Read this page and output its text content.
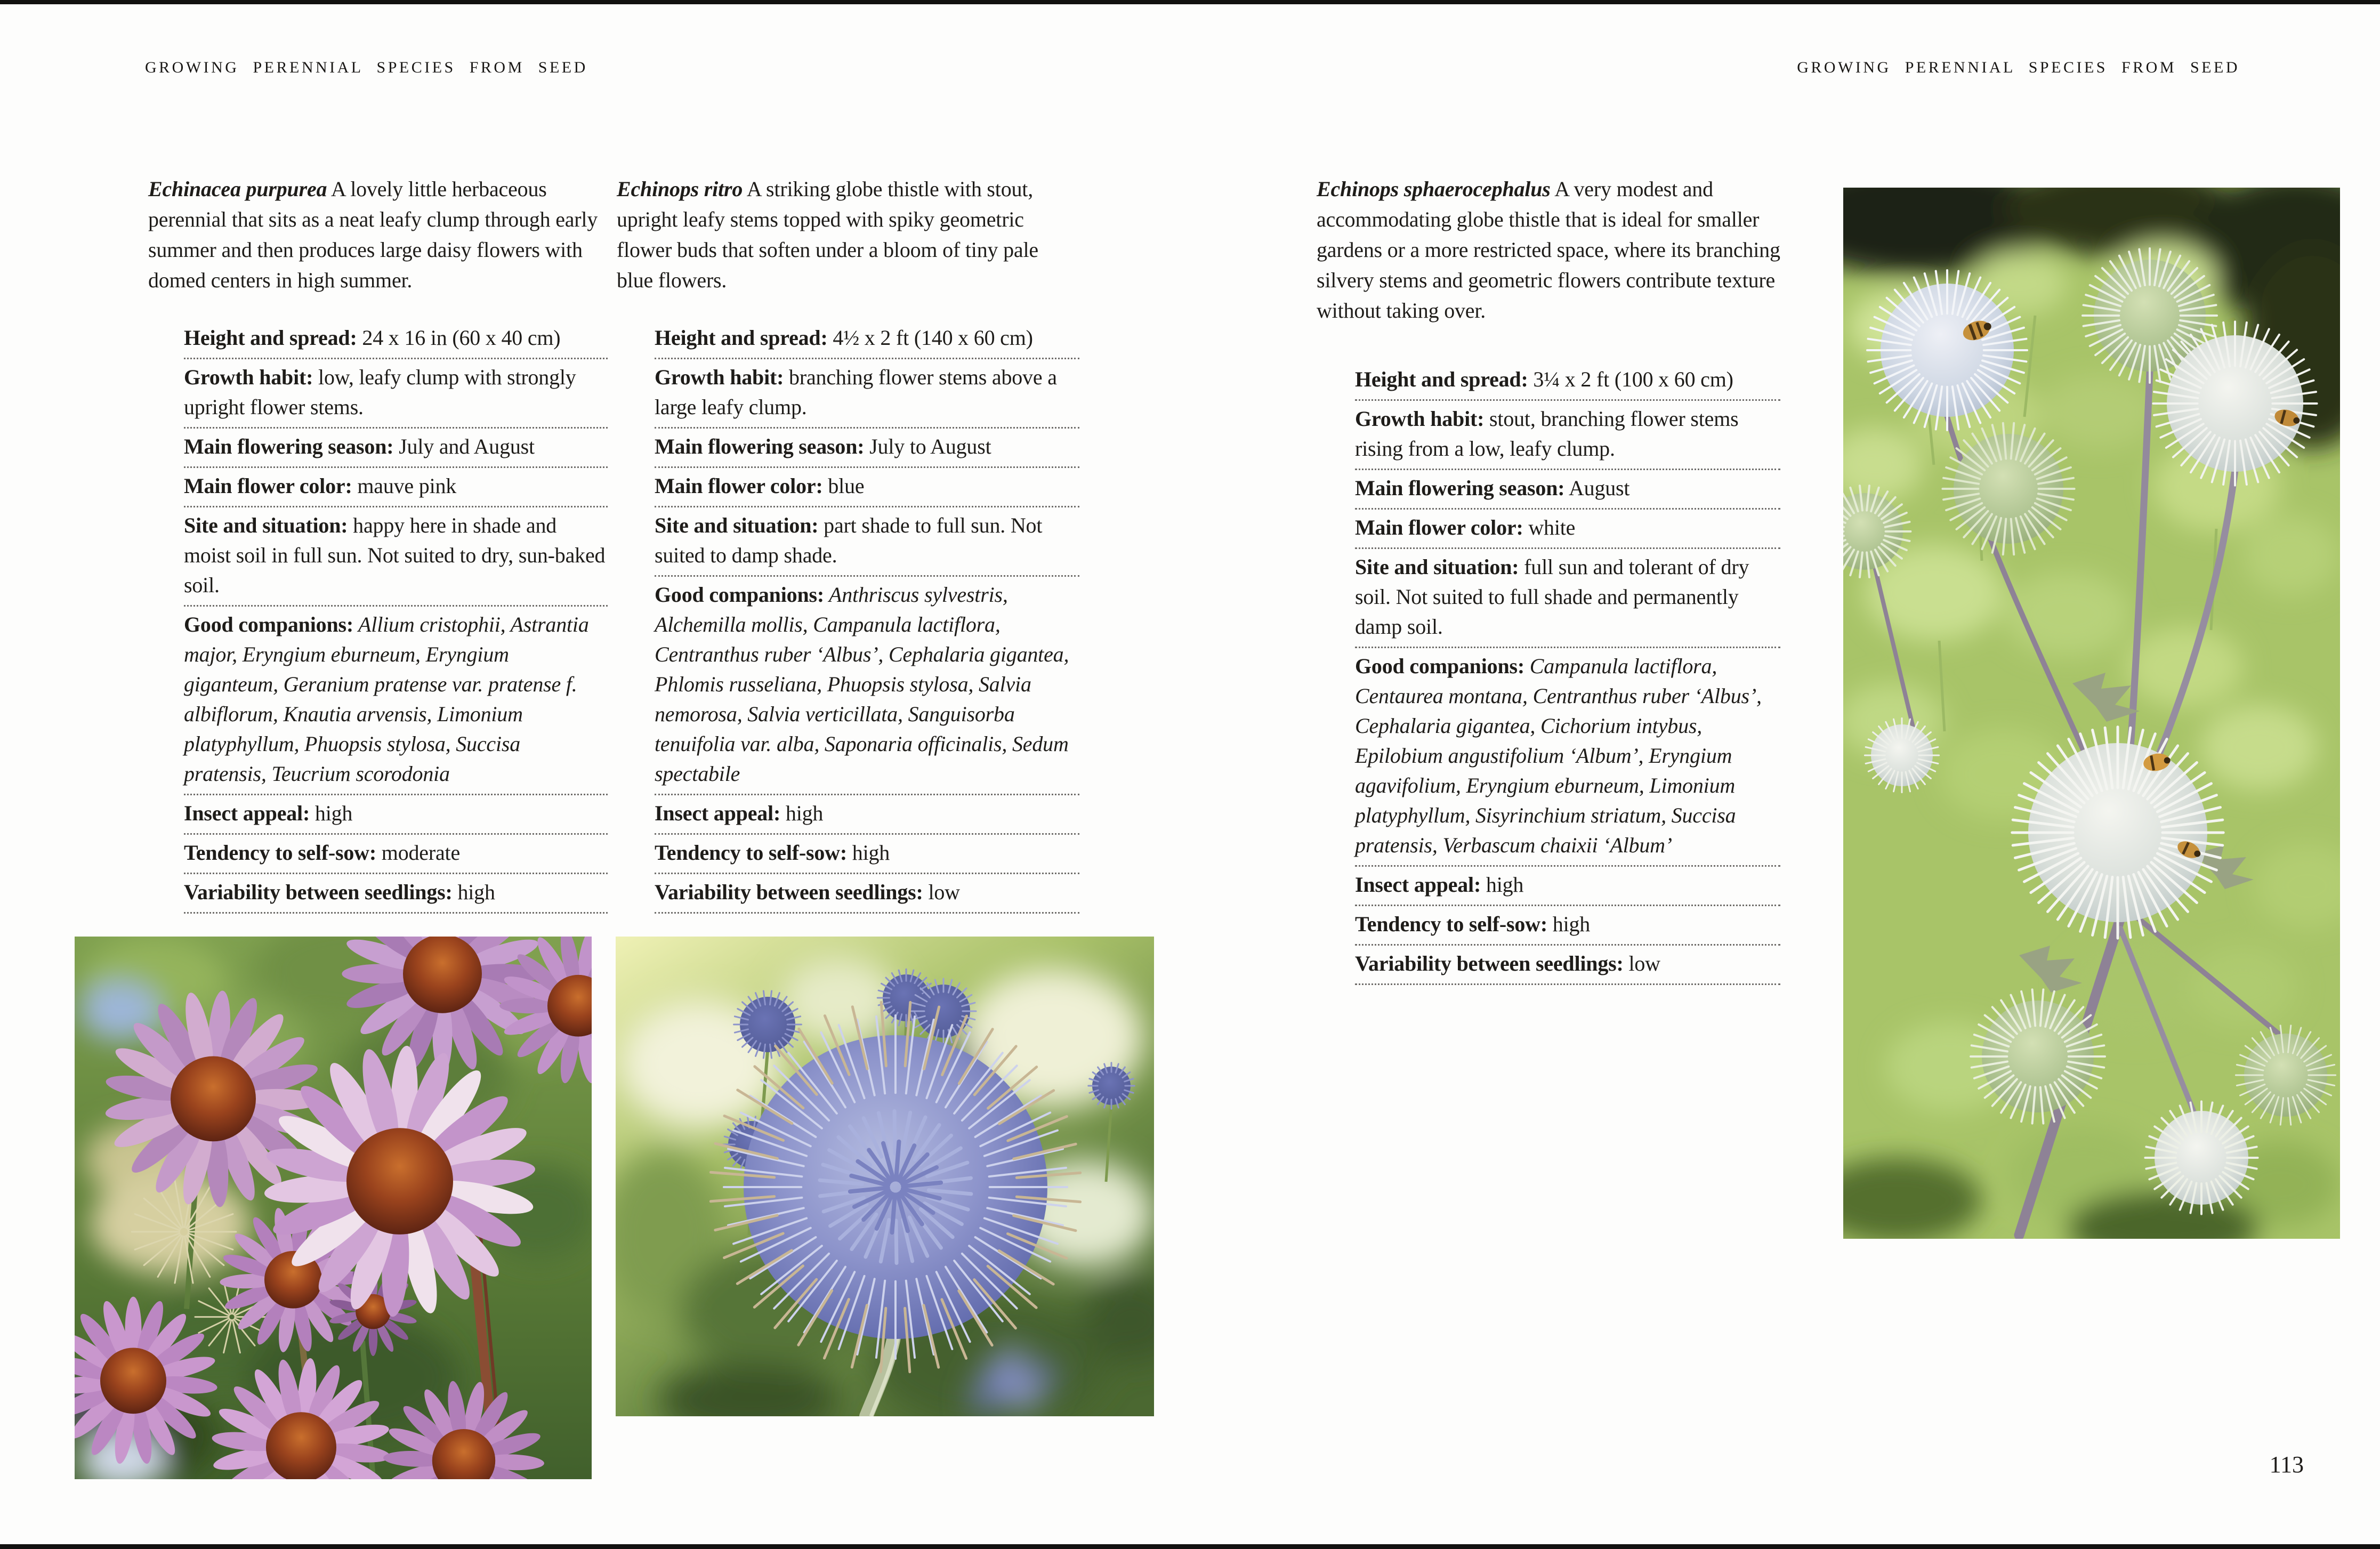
GROWING PERENNIAL SPECIES FROM SEED	GROWING PERENNIAL SPECIES FROM SEED

Echinacea purpurea A lovely little herbaceous perennial that sits as a neat leafy clump through early summer and then produces large daisy flowers with domed centers in high summer.

Echinops ritro A striking globe thistle with stout, upright leafy stems topped with spiky geometric flower buds that soften under a bloom of tiny pale blue flowers.

Echinops sphaerocephalus A very modest and accommodating globe thistle that is ideal for smaller gardens or a more restricted space, where its branching silvery stems and geometric flowers contribute texture without taking over.

Height and spread: 24 x 16 in (60 x 40 cm)
Growth habit: low, leafy clump with strongly upright flower stems.
Main flowering season: July and August
Main flower color: mauve pink
Site and situation: happy here in shade and moist soil in full sun. Not suited to dry, sun-baked soil.
Good companions: Allium cristophii, Astrantia major, Eryngium eburneum, Eryngium giganteum, Geranium pratense var. pratense f. albiflorum, Knautia arvensis, Limonium platyphyllum, Phuopsis stylosa, Succisa pratensis, Teucrium scorodonia
Insect appeal: high
Tendency to self-sow: moderate
Variability between seedlings: high
Height and spread: 4½ x 2 ft (140 x 60 cm)
Growth habit: branching flower stems above a large leafy clump.
Main flowering season: July to August
Main flower color: blue
Site and situation: part shade to full sun. Not suited to damp shade.
Good companions: Anthriscus sylvestris, Alchemilla mollis, Campanula lactiflora, Centranthus ruber ‘Albus’, Cephalaria gigantea, Phlomis russeliana, Phuopsis stylosa, Salvia nemorosa, Salvia verticillata, Sanguisorba tenuifolia var. alba, Saponaria officinalis, Sedum spectabile
Insect appeal: high
Tendency to self-sow: high
Variability between seedlings: low
Height and spread: 3¼ x 2 ft (100 x 60 cm)
Growth habit: stout, branching flower stems rising from a low, leafy clump.
Main flowering season: August
Main flower color: white
Site and situation: full sun and tolerant of dry soil. Not suited to full shade and permanently damp soil.
Good companions: Campanula lactiflora, Centaurea montana, Centranthus ruber ‘Albus’, Cephalaria gigantea, Cichorium intybus, Epilobium angustifolium ‘Album’, Eryngium agavifolium, Eryngium eburneum, Limonium platyphyllum, Sisyrinchium striatum, Succisa pratensis, Verbascum chaixii ‘Album’
Insect appeal: high
Tendency to self-sow: high
Variability between seedlings: low
113
